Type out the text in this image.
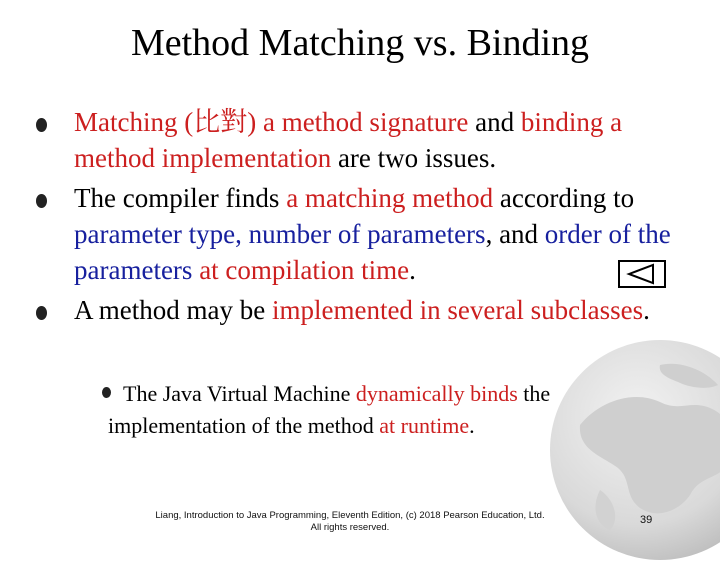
Method Matching vs. Binding

Matching (比對) a method signature and binding a method implementation are two issues.

The compiler finds a matching method according to parameter type, number of parameters, and order of the parameters at compilation time.

A method may be implemented in several subclasses.

The Java Virtual Machine dynamically binds the implementation of the method at runtime.
Liang, Introduction to Java Programming, Eleventh Edition, (c) 2018 Pearson Education, Ltd.
All rights reserved.
39
